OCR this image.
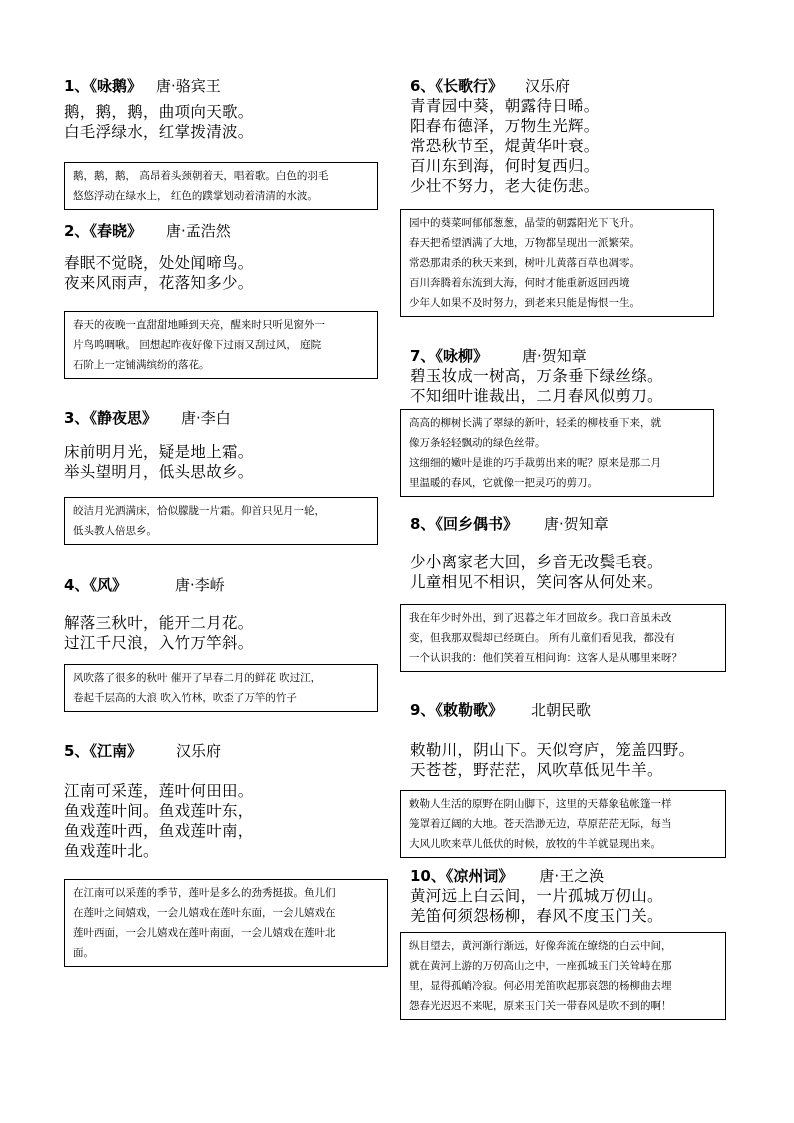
1、《咏鹅》 唐·骆宾王
鹅，鹅，鹅，曲项向天歌。
白毛浮绿水，红掌拨清波。
鹅，鹅，鹅， 高昂着头颈朝着天，唱着歌。白色的羽毛
悠悠浮动在绿水上， 红色的蹼掌划动着清清的水波。
2、《春晓》 唐·孟浩然
春眠不觉晓，处处闻啼鸟。
夜来风雨声，花落知多少。
春天的夜晚一直甜甜地睡到天亮，醒来时只听见窗外一
片鸟鸣啁啾。 回想起昨夜好像下过雨又刮过风， 庭院
石阶上一定铺满缤纷的落花。
3、《静夜思》 唐·李白
床前明月光，疑是地上霜。
举头望明月，低头思故乡。
皎洁月光洒满床，恰似朦胧一片霜。仰首只见月一轮，
低头教人倍思乡。
4、《风》	唐·李峤
解落三秋叶，能开二月花。
过江千尺浪，入竹万竿斜。
风吹落了很多的秋叶 催开了早春二月的鲜花 吹过江，
卷起千层高的大浪 吹入竹林，吹歪了万竿的竹子
5、《江南》 汉乐府
江南可采莲，莲叶何田田。
鱼戏莲叶间。鱼戏莲叶东，
鱼戏莲叶西，鱼戏莲叶南，
鱼戏莲叶北。
在江南可以采莲的季节，莲叶是多么的劲秀挺拔。鱼儿们
在莲叶之间嬉戏，一会儿嬉戏在莲叶东面，一会儿嬉戏在
莲叶西面，一会儿嬉戏在莲叶南面，一会儿嬉戏在莲叶北
面。
6、《长歌行》 汉乐府
青青园中葵，朝露待日晞。
阳春布德泽，万物生光辉。
常恐秋节至，焜黄华叶衰。
百川东到海，何时复西归。
少壮不努力，老大徒伤悲。
园中的葵菜呵郁郁葱葱，晶莹的朝露阳光下飞升。
春天把希望洒满了大地，万物都呈现出一派繁荣。
常恐那肃杀的秋天来到，树叶儿黄落百草也凋零。
百川奔腾着东流到大海，何时才能重新返回西境
少年人如果不及时努力，到老来只能是悔恨一生。
7、《咏柳》 唐·贺知章
碧玉妆成一树高，万条垂下绿丝绦。
不知细叶谁裁出，二月春风似剪刀。
高高的柳树长满了翠绿的新叶，轻柔的柳枝垂下来，就
像万条轻轻飘动的绿色丝带。
这细细的嫩叶是谁的巧手裁剪出来的呢？原来是那二月
里温暖的春风，它就像一把灵巧的剪刀。
8、《回乡偶书》 唐·贺知章
少小离家老大回，乡音无改鬓毛衰。
儿童相见不相识，笑问客从何处来。
我在年少时外出，到了迟暮之年才回故乡。我口音虽未改
变，但我那双鬓却已经斑白。 所有儿童们看见我，都没有
一个认识我的：他们笑着互相问询：这客人是从哪里来呀？
9、《敕勒歌》 北朝民歌
敕勒川，阴山下。天似穹庐，笼盖四野。
天苍苍，野茫茫，风吹草低见牛羊。
敕勒人生活的原野在阴山脚下，这里的天幕象毡帐篷一样
笼罩着辽阔的大地。苍天浩渺无边，草原茫茫无际，每当
大风儿吹来草儿低伏的时候，放牧的牛羊就显现出来。
10、《凉州词》 唐·王之涣
黄河远上白云间，一片孤城万仞山。
羌笛何须怨杨柳，春风不度玉门关。
纵目望去，黄河渐行渐远，好像奔流在缭绕的白云中间，
就在黄河上游的万仞高山之中，一座孤城玉门关耸峙在那
里，显得孤峭冷寂。何必用羌笛吹起那哀怨的杨柳曲去埋
怨春光迟迟不来呢，原来玉门关一带春风是吹不到的啊！
